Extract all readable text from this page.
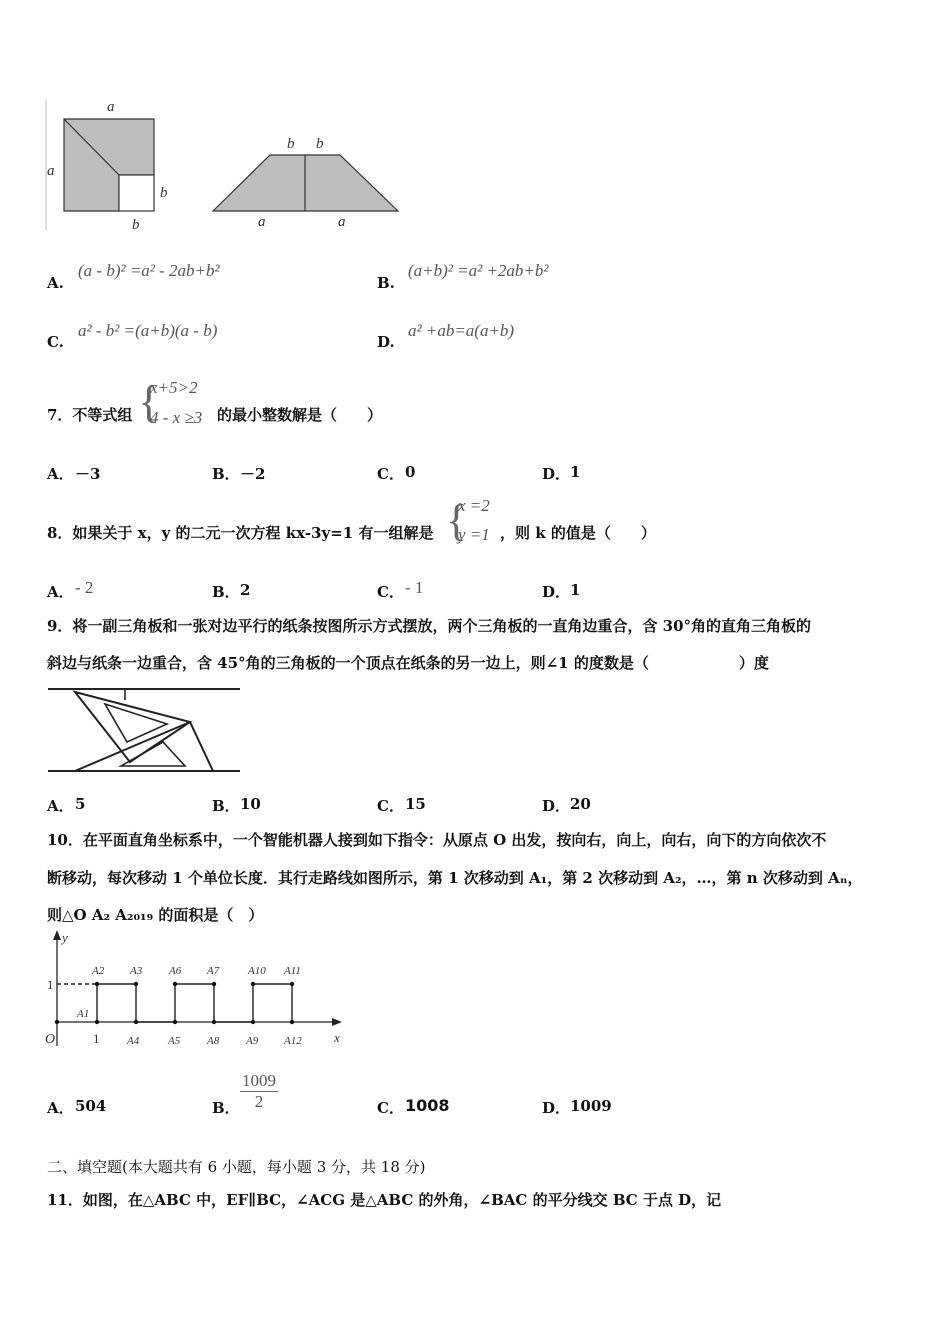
a
a
b
b
b b
a	a
A.
(a - b)² =a² - 2ab+b²
B.
(a+b)² =a² +2ab+b²
C.
a² - b² =(a+b)(a - b)
D.
a² +ab=a(a+b)
7．不等式组 {
x+5>2
4 - x ≥3 的最小整数解是（　　）
A． －3	B． －2	C． 0	D． 1
8．如果关于 x，y 的二元一次方程 kx-3y=1 有一组解是 {
x =2
y =1 ，则 k 的值是（　　）
A． - 2	B． 2	C． - 1	D． 1
9．将一副三角板和一张对边平行的纸条按图所示方式摆放，两个三角板的一直角边重合，含 30°角的直角三角板的
斜边与纸条一边重合，含 45°角的三角板的一个顶点在纸条的另一边上，则∠1 的度数是（　　　　　　）度
A． 5	B． 10	C． 15	D． 20
10．在平面直角坐标系中，一个智能机器人接到如下指令：从原点 O 出发，按向右，向上，向右，向下的方向依次不
断移动，每次移动 1 个单位长度．其行走路线如图所示，第 1 次移动到 A₁，第 2 次移动到 A₂，…，第 n 次移动到 Aₙ，
则△O A₂ A₂₀₁₉ 的面积是（　）
y
x
O
1
1
A1
A2 A3 A6 A7	A10 A11
A4	A5 A8 A9 A12
A． 504	B． $\frac{1009}{2}$	C． 1008	D． 1009
二、填空题(本大题共有 6 小题，每小题 3 分，共 18 分)
11．如图，在△ABC 中，EF∥BC，∠ACG 是△ABC 的外角，∠BAC 的平分线交 BC 于点 D，记
